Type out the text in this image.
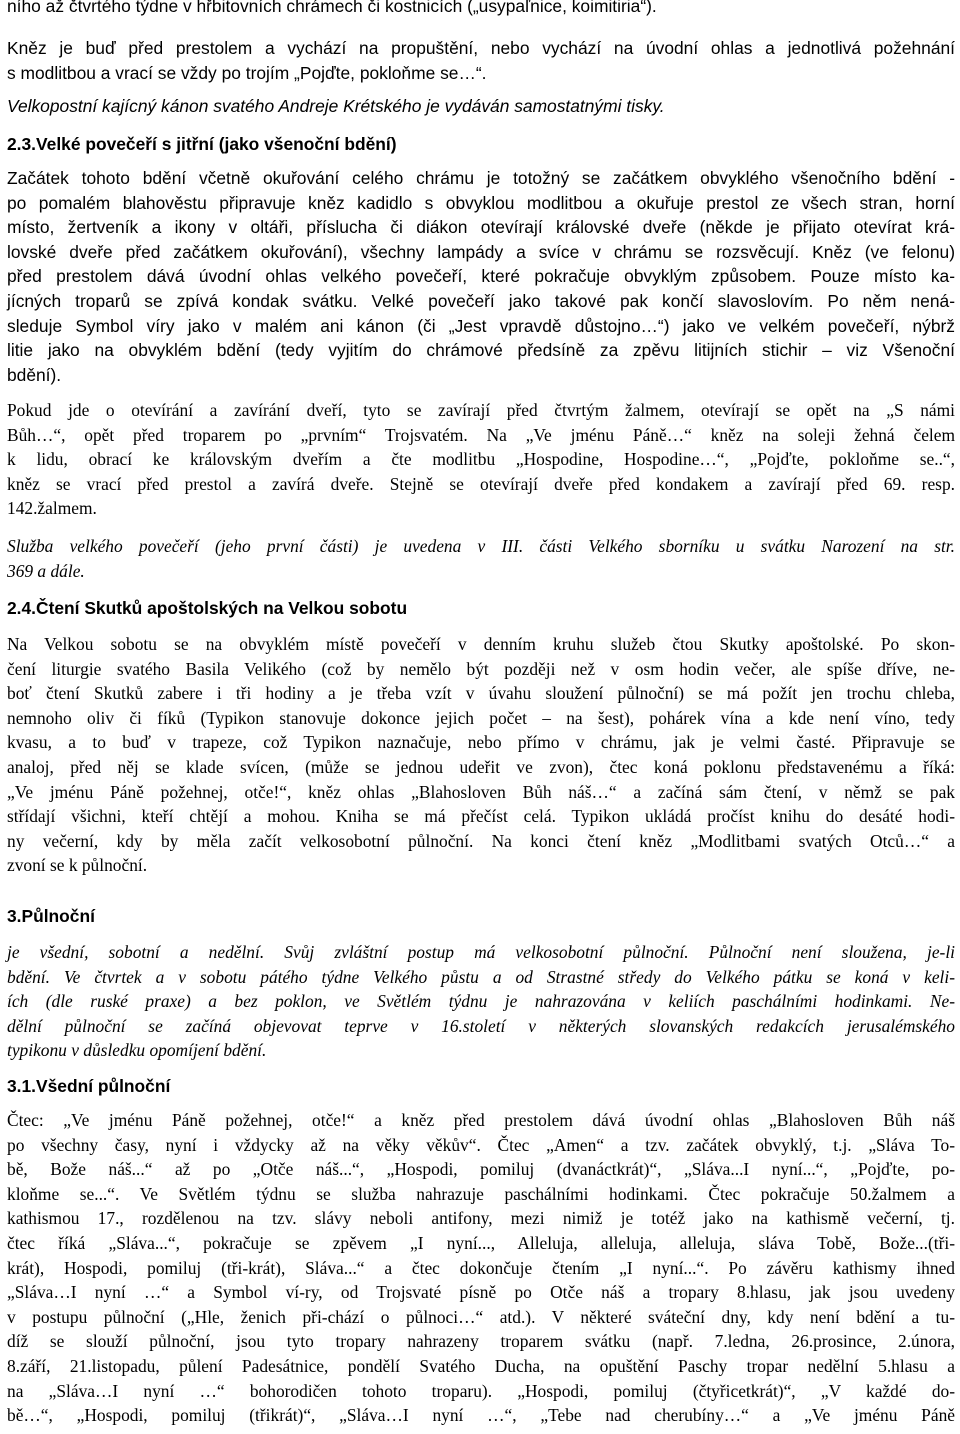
ního až čtvrtého týdne v hřbitovních chrámech či kostnicích („usypaľnice, koimitiria“).
Kněz je buď před prestolem a vychází na propuštění, nebo vychází na úvodní ohlas a jednotlivá požehnání
s modlitbou a vrací se vždy po trojím „Pojďte, pokloňme se…“.
Velkopostní kajícný kánon svatého Andreje Krétského je vydáván samostatnými tisky.
2.3.Velké povečeří s jitřní (jako všenoční bdění)
Začátek tohoto bdění včetně okuřování celého chrámu je totožný se začátkem obvyklého všenočního bdění -
po pomalém blahověstu připravuje kněz kadidlo s obvyklou modlitbou a okuřuje prestol ze všech stran, horní
místo, žertveník a ikony v oltáři, příslucha či diákon otevírají královské dveře (někde je přijato otevírat krá-
lovské dveře před začátkem okuřování), všechny lampády a svíce v chrámu se rozsvěcují. Kněz (ve felonu)
před prestolem dává úvodní ohlas velkého povečeří, které pokračuje obvyklým způsobem. Pouze místo ka-
jícných troparů se zpívá kondak svátku. Velké povečeří jako takové pak končí slavoslovím. Po něm nená-
sleduje Symbol víry jako v malém ani kánon (či „Jest vpravdě důstojno…“) jako ve velkém povečeří, nýbrž
litie jako na obvyklém bdění (tedy vyjitím do chrámové předsíně za zpěvu litijních stichir – viz Všenoční
bdění).
Pokud jde o otevírání a zavírání dveří, tyto se zavírají před čtvrtým žalmem, otevírají se opět na „S námi
Bůh…“, opět před troparem po „prvním“ Trojsvatém. Na „Ve jménu Páně…“ kněz na soleji žehná čelem
k lidu, obrací ke královským dveřím a čte modlitbu „Hospodine, Hospodine…“, „Pojďte, pokloňme se..“,
kněz se vrací před prestol a zavírá dveře. Stejně se otevírají dveře před kondakem a zavírají před 69. resp.
142.žalmem.
Služba velkého povečeří (jeho první části) je uvedena v III. části Velkého sborníku u svátku Narození na str.
369 a dále.
2.4.Čtení Skutků apoštolských na Velkou sobotu
Na Velkou sobotu se na obvyklém místě povečeří v denním kruhu služeb čtou Skutky apoštolské. Po skon-
čení liturgie svatého Basila Velikého (což by nemělo být později než v osm hodin večer, ale spíše dříve, ne-
boť čtení Skutků zabere i tři hodiny a je třeba vzít v úvahu sloužení půlnoční) se má požít jen trochu chleba,
nemnoho oliv či fíků (Typikon stanovuje dokonce jejich počet – na šest), pohárek vína a kde není víno, tedy
kvasu, a to buď v trapeze, což Typikon naznačuje, nebo přímo v chrámu, jak je velmi časté. Připravuje se
analoj, před něj se klade svícen, (může se jednou udeřit ve zvon), čtec koná poklonu představenému a říká:
„Ve jménu Páně požehnej, otče!“, kněz ohlas „Blahosloven Bůh náš…“ a začíná sám čtení, v němž se pak
střídají všichni, kteří chtějí a mohou. Kniha se má přečíst celá. Typikon ukládá pročíst knihu do desáté hodi-
ny večerní, kdy by měla začít velkosobotní půlnoční. Na konci čtení kněz „Modlitbami svatých Otců…“ a
zvoní se k půlnoční.
3.Půlnoční
je všední, sobotní a nedělní. Svůj zvláštní postup má velkosobotní půlnoční. Půlnoční není sloužena, je-li
bdění. Ve čtvrtek a v sobotu pátého týdne Velkého půstu a od Strastné středy do Velkého pátku se koná v keli-
ích (dle ruské praxe) a bez poklon, ve Světlém týdnu je nahrazována v keliích paschálními hodinkami. Ne-
dělní půlnoční se začíná objevovat teprve v 16.století v některých slovanských redakcích jerusalémského
typikonu v důsledku opomíjení bdění.
3.1.Všední půlnoční
Čtec: „Ve jménu Páně požehnej, otče!“ a kněz před prestolem dává úvodní ohlas „Blahosloven Bůh náš
po všechny časy, nyní i vždycky až na věky věkův“. Čtec „Amen“ a tzv. začátek obvyklý, t.j. „Sláva To-
bě, Bože náš...“ až po „Otče náš...“, „Hospodi, pomiluj (dvanáctkrát)“, „Sláva...I nyní...“, „Pojďte, po-
kloňme se...“. Ve Světlém týdnu se služba nahrazuje paschálními hodinkami. Čtec pokračuje 50.žalmem a
kathismou 17., rozdělenou na tzv. slávy neboli antifony, mezi nimiž je totéž jako na kathismě večerní, tj.
čtec říká „Sláva...“, pokračuje se zpěvem „I nyní..., Alleluja, alleluja, alleluja, sláva Tobě, Bože...(tři-
krát), Hospodi, pomiluj (tři-krát), Sláva...“ a čtec dokončuje čtením „I nyní...“. Po závěru kathismy ihned
„Sláva…I nyní …“ a Symbol ví-ry, od Trojsvaté písně po Otče náš a tropary 8.hlasu, jak jsou uvedeny
v postupu půlnoční („Hle, ženich při-chází o půlnoci…“ atd.). V některé sváteční dny, kdy není bdění a tu-
díž se slouží půlnoční, jsou tyto tropary nahrazeny troparem svátku (např. 7.ledna, 26.prosince, 2.února,
8.září, 21.listopadu, půlení Padesátnice, pondělí Svatého Ducha, na opuštění Paschy tropar nedělní 5.hlasu a
na „Sláva…I nyní …“ bohorodičen tohoto troparu). „Hospodi, pomiluj (čtyřicetkrát)“, „V každé do-
bě…“, „Hospodi, pomiluj (třikrát)“, „Sláva…I nyní …“, „Tebe nad cherubíny…“ a „Ve jménu Páně
